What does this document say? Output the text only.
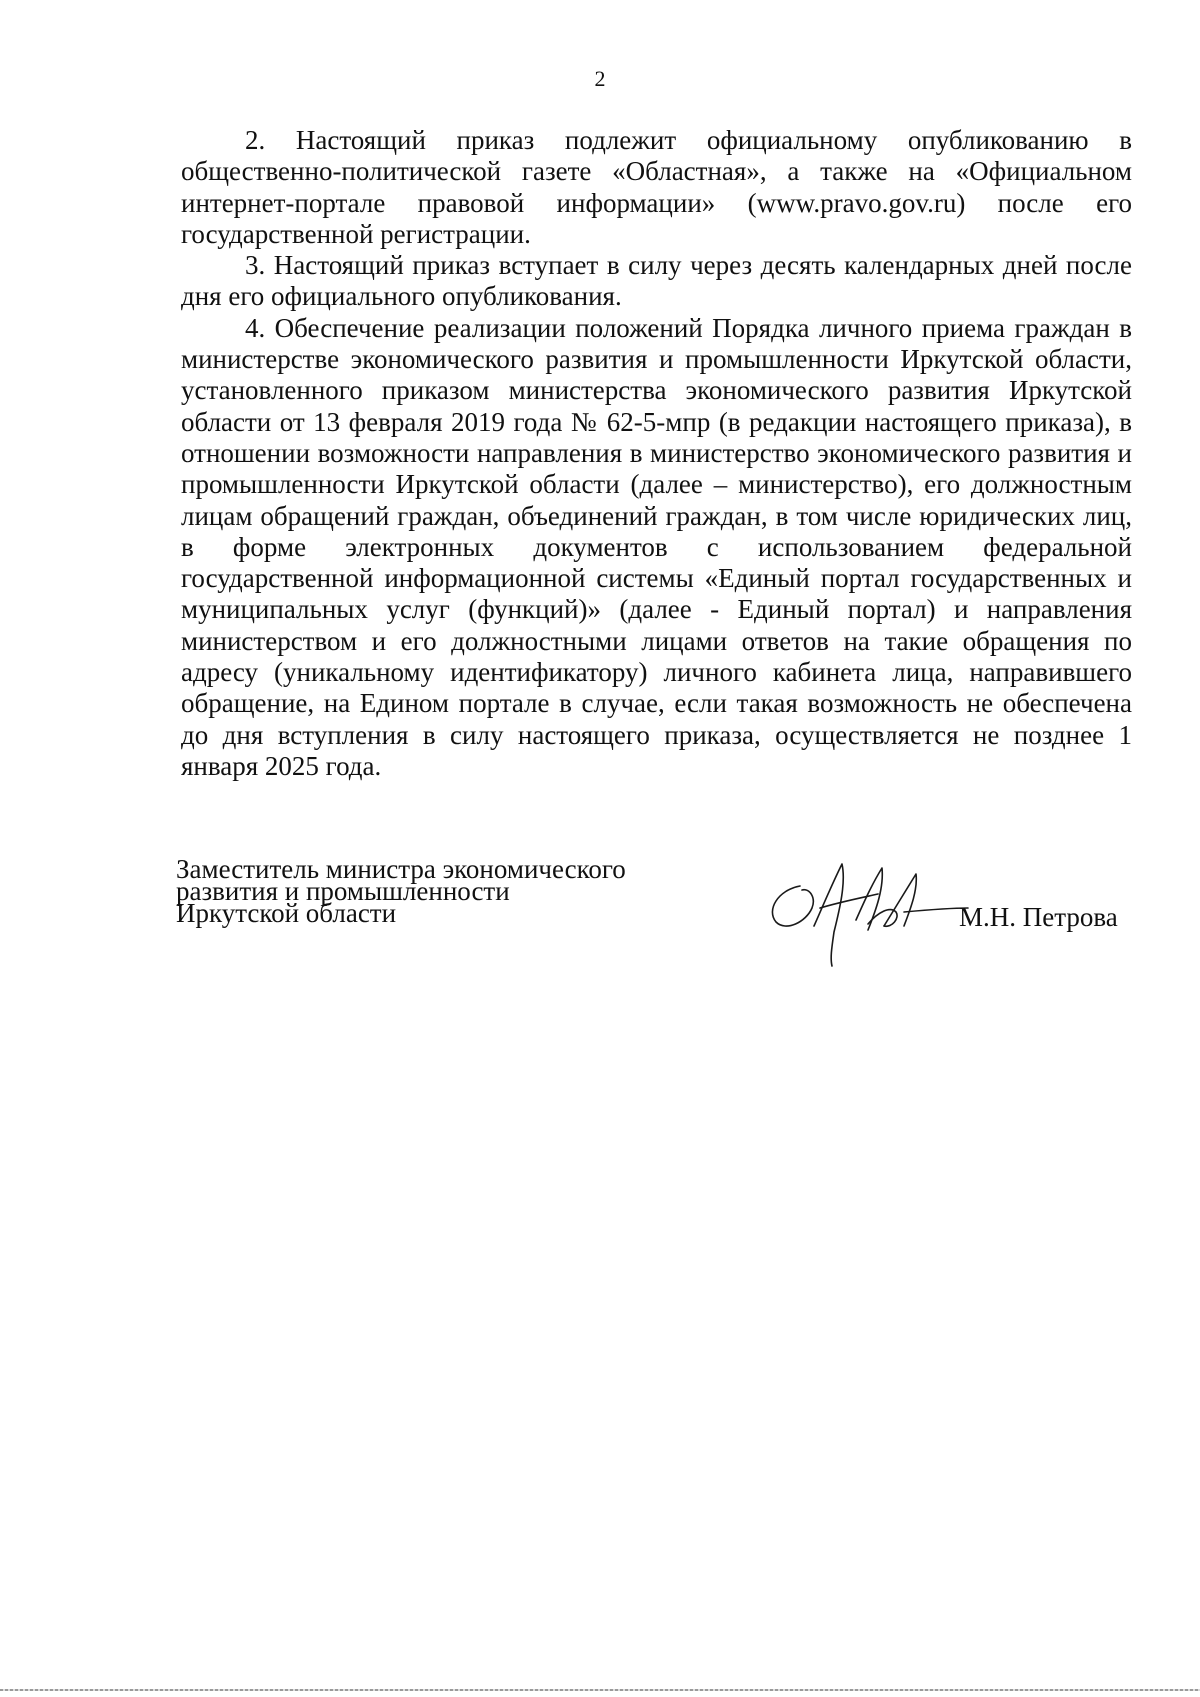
2

2. Настоящий приказ подлежит официальному опубликованию в общественно-политической газете «Областная», а также на «Официальном интернет-портале правовой информации» (www.pravo.gov.ru) после его государственной регистрации.

3. Настоящий приказ вступает в силу через десять календарных дней после дня его официального опубликования.

4. Обеспечение реализации положений Порядка личного приема граждан в министерстве экономического развития и промышленности Иркутской области, установленного приказом министерства экономического развития Иркутской области от 13 февраля 2019 года № 62-5-мпр (в редакции настоящего приказа), в отношении возможности направления в министерство экономического развития и промышленности Иркутской области (далее – министерство), его должностным лицам обращений граждан, объединений граждан, в том числе юридических лиц, в форме электронных документов с использованием федеральной государственной информационной системы «Единый портал государственных и муниципальных услуг (функций)» (далее - Единый портал) и направления министерством и его должностными лицами ответов на такие обращения по адресу (уникальному идентификатору) личного кабинета лица, направившего обращение, на Едином портале в случае, если такая возможность не обеспечена до дня вступления в силу настоящего приказа, осуществляется не позднее 1 января 2025 года.

Заместитель министра экономического
развития и промышленности
Иркутской области	М.Н. Петрова
